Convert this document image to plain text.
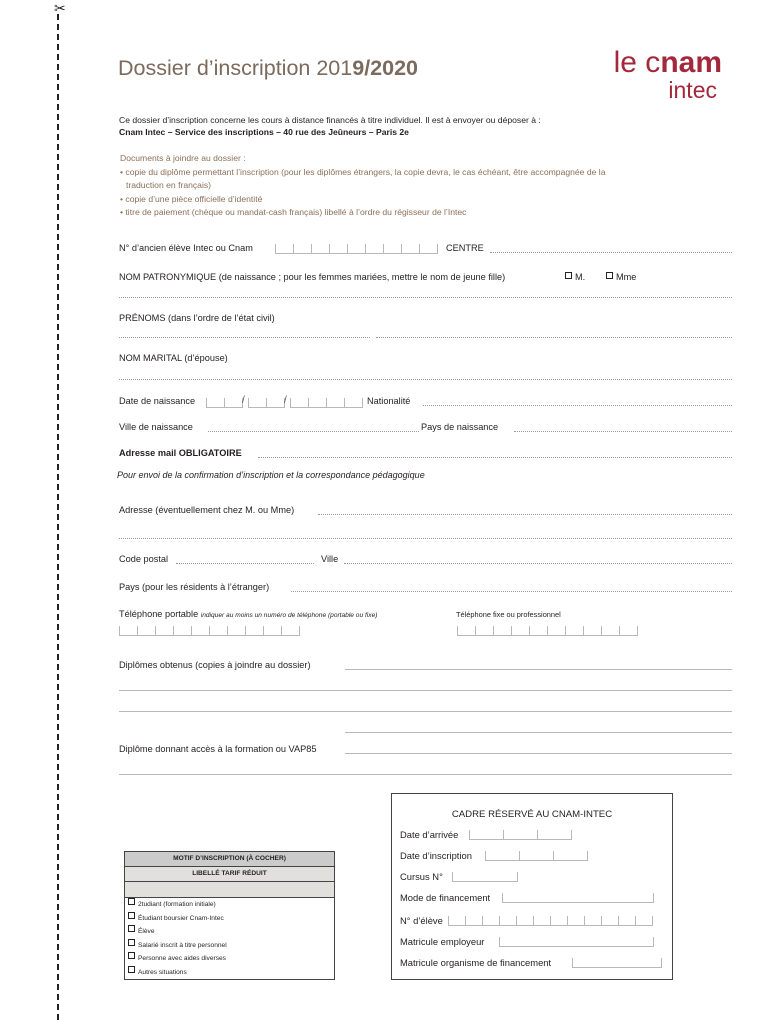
✂
Dossier d’inscription 2019/2020	le cnam
intec
Ce dossier d’inscription concerne les cours à distance financés à titre individuel. Il est à envoyer ou déposer à :
Cnam Intec – Service des inscriptions – 40 rue des Jeûneurs – Paris 2e
Documents à joindre au dossier :
• copie du diplôme permettant l’inscription (pour les diplômes étrangers, la copie devra, le cas échéant, être accompagnée de la
traduction en français)
• copie d’une pièce officielle d’identité
• titre de paiement (chèque ou mandat-cash français) libellé à l’ordre du régisseur de l’Intec
N° d’ancien élève Intec ou Cnam	CENTRE
NOM PATRONYMIQUE (de naissance ; pour les femmes mariées, mettre le nom de jeune fille)	M.	Mme
PRÉNOMS (dans l’ordre de l’état civil)
NOM MARITAL (d’épouse)
Date de naissance	/	/	Nationalité
Ville de naissance	Pays de naissance
Adresse mail OBLIGATOIRE
Pour envoi de la confirmation d’inscription et la correspondance pédagogique
Adresse (éventuellement chez M. ou Mme)
Code postal	Ville
Pays (pour les résidents à l’étranger)
Téléphone portable indiquer au moins un numéro de téléphone (portable ou fixe)	Téléphone fixe ou professionnel
Diplômes obtenus (copies à joindre au dossier)
Diplôme donnant accès à la formation ou VAP85
MOTIF D’INSCRIPTION (À COCHER)
LIBELLÉ TARIF RÉDUIT
2tudiant (formation initiale)
Étudiant boursier Cnam-Intec
Élève
Salarié inscrit à titre personnel
Personne avec aides diverses
Autres situations
CADRE RÉSERVÉ AU CNAM-INTEC
Date d’arrivée
Date d’inscription
Cursus N°
Mode de financement
N° d’élève
Matricule employeur
Matricule organisme de financement
